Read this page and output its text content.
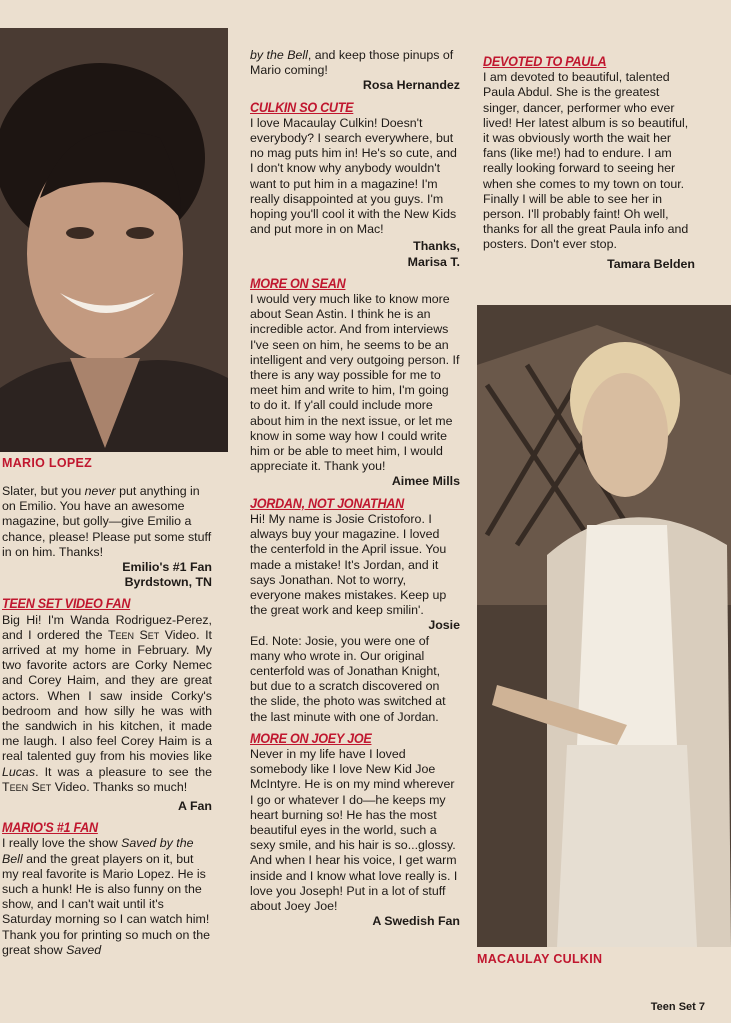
MARIO LOPEZ

Slater, but you never put anything in on Emilio. You have an awesome magazine, but golly—give Emilio a chance, please! Please put some stuff in on him. Thanks!

Emilio's #1 Fan

Byrdstown, TN

TEEN SET VIDEO FAN

Big Hi! I'm Wanda Rodriguez-Perez, and I ordered the Teen Set Video. It arrived at my home in February. My two favorite actors are Corky Nemec and Corey Haim, and they are great actors. When I saw inside Corky's bedroom and how silly he was with the sandwich in his kitchen, it made me laugh. I also feel Corey Haim is a real talented guy from his movies like Lucas. It was a pleasure to see the Teen Set Video. Thanks so much!

A Fan

MARIO'S #1 FAN

I really love the show Saved by the Bell and the great players on it, but my real favorite is Mario Lopez. He is such a hunk! He is also funny on the show, and I can't wait until it's Saturday morning so I can watch him! Thank you for printing so much on the great show Saved

by the Bell, and keep those pinups of Mario coming!

Rosa Hernandez

CULKIN SO CUTE

I love Macaulay Culkin! Doesn't everybody? I search everywhere, but no mag puts him in! He's so cute, and I don't know why anybody wouldn't want to put him in a magazine! I'm really disappointed at you guys. I'm hoping you'll cool it with the New Kids and put more in on Mac!

Thanks,

Marisa T.

MORE ON SEAN

I would very much like to know more about Sean Astin. I think he is an incredible actor. And from interviews I've seen on him, he seems to be an intelligent and very outgoing person. If there is any way possible for me to meet him and write to him, I'm going to do it. If y'all could include more about him in the next issue, or let me know in some way how I could write him or be able to meet him, I would appreciate it. Thank you!

Aimee Mills

JORDAN, NOT JONATHAN

Hi! My name is Josie Cristoforo. I always buy your magazine. I loved the centerfold in the April issue. You made a mistake! It's Jordan, and it says Jonathan. Not to worry, everyone makes mistakes. Keep up the great work and keep smilin'.

Josie

Ed. Note: Josie, you were one of many who wrote in. Our original centerfold was of Jonathan Knight, but due to a scratch discovered on the slide, the photo was switched at the last minute with one of Jordan.

MORE ON JOEY JOE

Never in my life have I loved somebody like I love New Kid Joe McIntyre. He is on my mind wherever I go or whatever I do—he keeps my heart burning so! He has the most beautiful eyes in the world, such a sexy smile, and his hair is so...glossy. And when I hear his voice, I get warm inside and I know what love really is. I love you Joseph! Put in a lot of stuff about Joey Joe!

A Swedish Fan

DEVOTED TO PAULA

I am devoted to beautiful, talented Paula Abdul. She is the greatest singer, dancer, performer who ever lived! Her latest album is so beautiful, it was obviously worth the wait her fans (like me!) had to endure. I am really looking forward to seeing her when she comes to my town on tour. Finally I will be able to see her in person. I'll probably faint! Oh well, thanks for all the great Paula info and posters. Don't ever stop.

Tamara Belden

MACAULAY CULKIN

Teen Set 7
